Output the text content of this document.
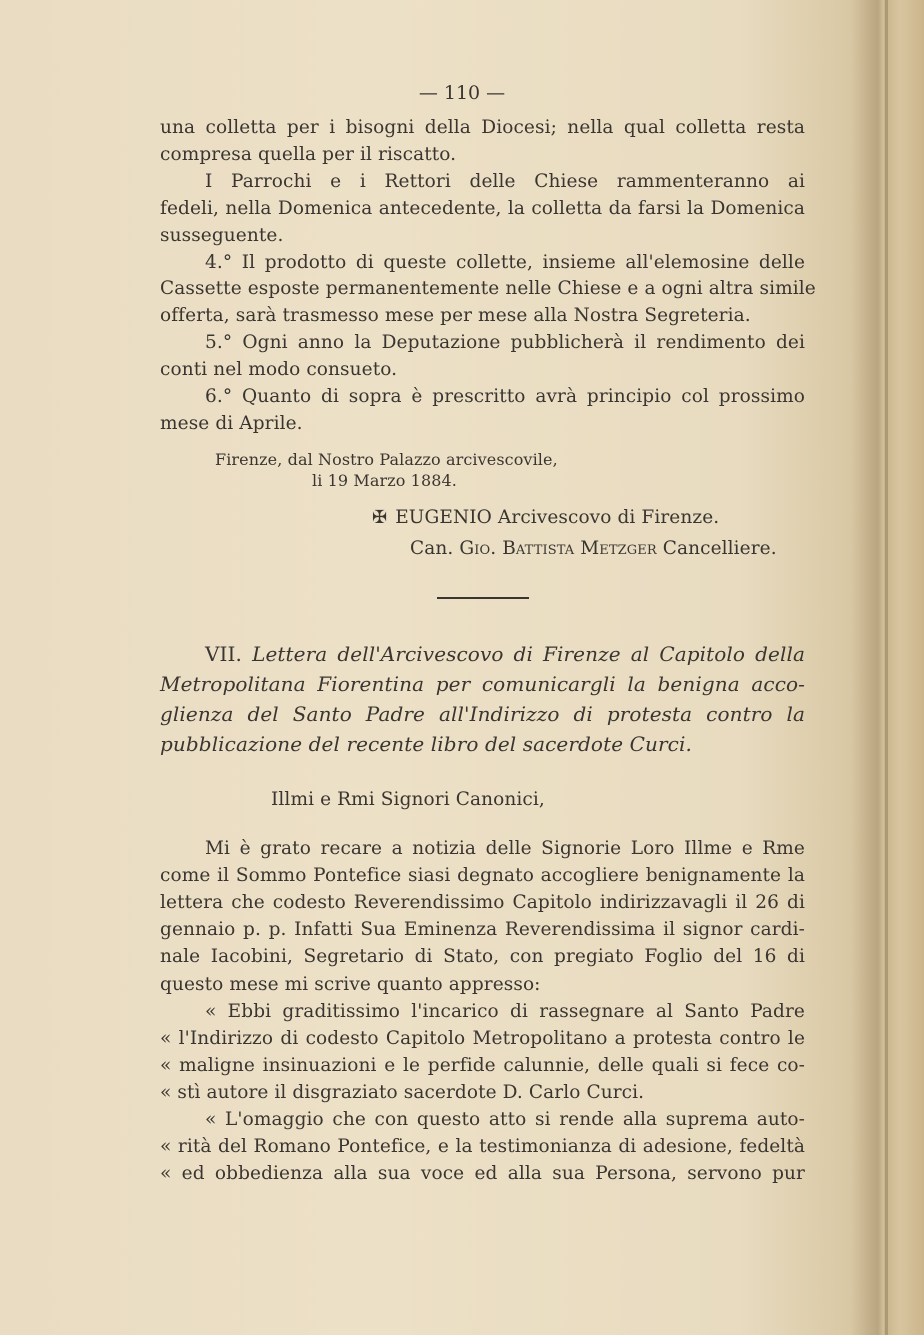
— 110 —
una colletta per i bisogni della Diocesi; nella qual colletta resta
compresa quella per il riscatto.
I Parrochi e i Rettori delle Chiese rammenteranno ai
fedeli, nella Domenica antecedente, la colletta da farsi la Domenica
susseguente.
4.° Il prodotto di queste collette, insieme all'elemosine delle
Cassette esposte permanentemente nelle Chiese e a ogni altra simile
offerta, sarà trasmesso mese per mese alla Nostra Segreteria.
5.° Ogni anno la Deputazione pubblicherà il rendimento dei
conti nel modo consueto.
6.° Quanto di sopra è prescritto avrà principio col prossimo
mese di Aprile.
Firenze, dal Nostro Palazzo arcivescovile,
li 19 Marzo 1884.
✠ EUGENIO Arcivescovo di Firenze.
Can. Gio. Battista Metzger Cancelliere.
VII. Lettera dell'Arcivescovo di Firenze al Capitolo della
Metropolitana Fiorentina per comunicargli la benigna acco-
glienza del Santo Padre all'Indirizzo di protesta contro la
pubblicazione del recente libro del sacerdote Curci.
Illmi e Rmi Signori Canonici,
Mi è grato recare a notizia delle Signorie Loro Illme e Rme
come il Sommo Pontefice siasi degnato accogliere benignamente la
lettera che codesto Reverendissimo Capitolo indirizzavagli il 26 di
gennaio p. p. Infatti Sua Eminenza Reverendissima il signor cardi-
nale Iacobini, Segretario di Stato, con pregiato Foglio del 16 di
questo mese mi scrive quanto appresso:
« Ebbi graditissimo l'incarico di rassegnare al Santo Padre
« l'Indirizzo di codesto Capitolo Metropolitano a protesta contro le
« maligne insinuazioni e le perfide calunnie, delle quali si fece co-
« stì autore il disgraziato sacerdote D. Carlo Curci.
« L'omaggio che con questo atto si rende alla suprema auto-
« rità del Romano Pontefice, e la testimonianza di adesione, fedeltà
« ed obbedienza alla sua voce ed alla sua Persona, servono pur
